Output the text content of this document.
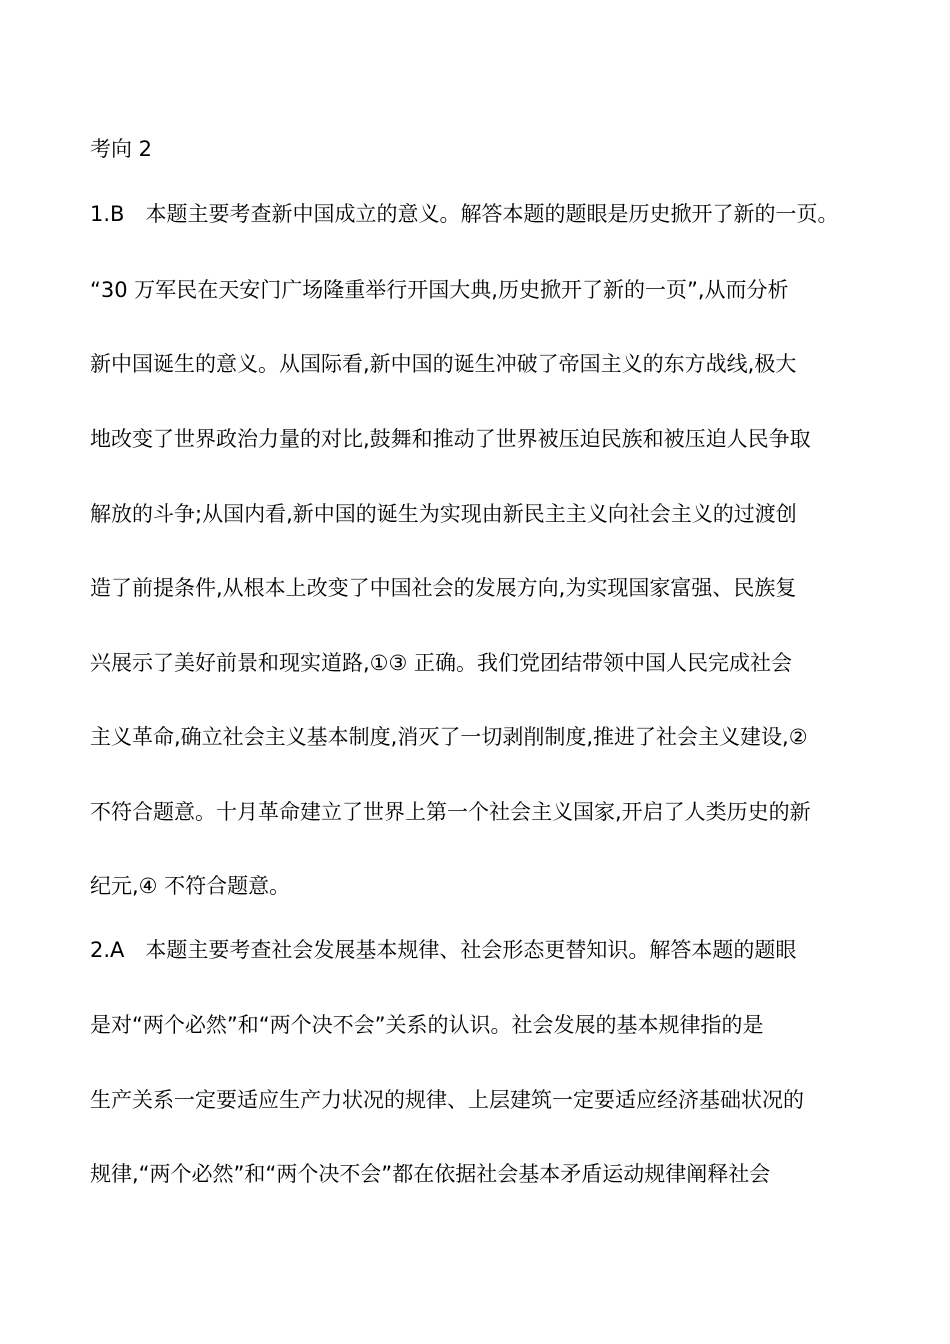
考向 2
1.B　本题主要考查新中国成立的意义。解答本题的题眼是历史掀开了新的一页。
“30 万军民在天安门广场隆重举行开国大典,历史掀开了新的一页”,从而分析
新中国诞生的意义。从国际看,新中国的诞生冲破了帝国主义的东方战线,极大
地改变了世界政治力量的对比,鼓舞和推动了世界被压迫民族和被压迫人民争取
解放的斗争;从国内看,新中国的诞生为实现由新民主主义向社会主义的过渡创
造了前提条件,从根本上改变了中国社会的发展方向,为实现国家富强、民族复
兴展示了美好前景和现实道路,①③ 正确。我们党团结带领中国人民完成社会
主义革命,确立社会主义基本制度,消灭了一切剥削制度,推进了社会主义建设,②
不符合题意。十月革命建立了世界上第一个社会主义国家,开启了人类历史的新
纪元,④ 不符合题意。
2.A　本题主要考查社会发展基本规律、社会形态更替知识。解答本题的题眼
是对“两个必然”和“两个决不会”关系的认识。社会发展的基本规律指的是
生产关系一定要适应生产力状况的规律、上层建筑一定要适应经济基础状况的
规律,“两个必然”和“两个决不会”都在依据社会基本矛盾运动规律阐释社会
